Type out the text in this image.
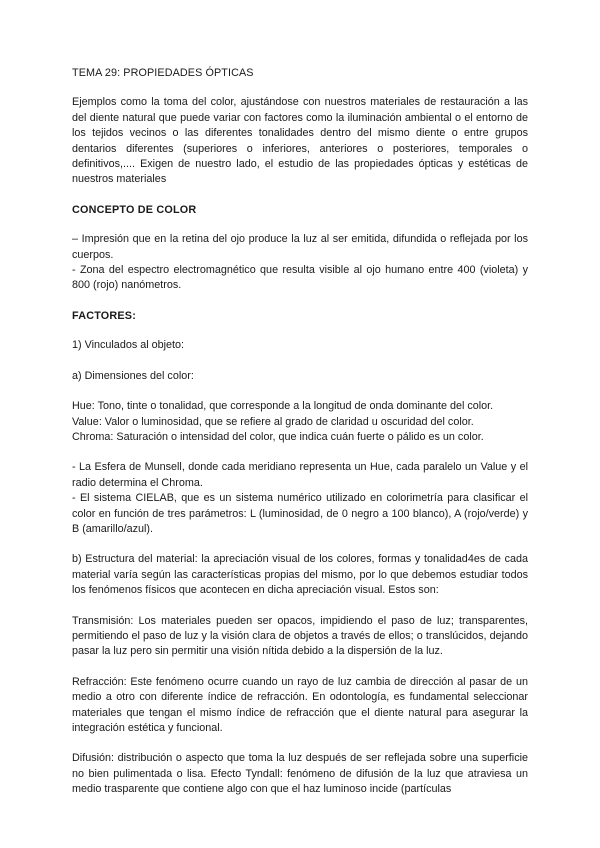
TEMA 29: PROPIEDADES ÓPTICAS

Ejemplos como la toma del color, ajustándose con nuestros materiales de restauración a las del diente natural que puede variar con factores como la iluminación ambiental o el entorno de los tejidos vecinos o las diferentes tonalidades dentro del mismo diente o entre grupos dentarios diferentes (superiores o inferiores, anteriores o posteriores, temporales o definitivos,.... Exigen de nuestro lado, el estudio de las propiedades ópticas y estéticas de nuestros materiales

CONCEPTO DE COLOR
– Impresión que en la retina del ojo produce la luz al ser emitida, difundida o reflejada por los cuerpos.
- Zona del espectro electromagnético que resulta visible al ojo humano entre 400 (violeta) y 800 (rojo) nanómetros.
FACTORES:

1) Vinculados al objeto:

a) Dimensiones del color:

Hue: Tono, tinte o tonalidad, que corresponde a la longitud de onda dominante del color.
Value: Valor o luminosidad, que se refiere al grado de claridad u oscuridad del color.
Chroma: Saturación o intensidad del color, que indica cuán fuerte o pálido es un color.
- La Esfera de Munsell, donde cada meridiano representa un Hue, cada paralelo un Value y el radio determina el Chroma.
- El sistema CIELAB, que es un sistema numérico utilizado en colorimetría para clasificar el color en función de tres parámetros: L (luminosidad, de 0 negro a 100 blanco), A (rojo/verde) y B (amarillo/azul).

b) Estructura del material: la apreciación visual de los colores, formas y tonalidad4es de cada material varía según las características propias del mismo, por lo que debemos estudiar todos los fenómenos físicos que acontecen en dicha apreciación visual. Estos son:

Transmisión: Los materiales pueden ser opacos, impidiendo el paso de luz; transparentes, permitiendo el paso de luz y la visión clara de objetos a través de ellos; o translúcidos, dejando pasar la luz pero sin permitir una visión nítida debido a la dispersión de la luz.

Refracción: Este fenómeno ocurre cuando un rayo de luz cambia de dirección al pasar de un medio a otro con diferente índice de refracción. En odontología, es fundamental seleccionar materiales que tengan el mismo índice de refracción que el diente natural para asegurar la integración estética y funcional.

Difusión: distribución o aspecto que toma la luz después de ser reflejada sobre una superficie no bien pulimentada o lisa. Efecto Tyndall: fenómeno de difusión de la luz que atraviesa un medio trasparente que contiene algo con que el haz luminoso incide (partículas
